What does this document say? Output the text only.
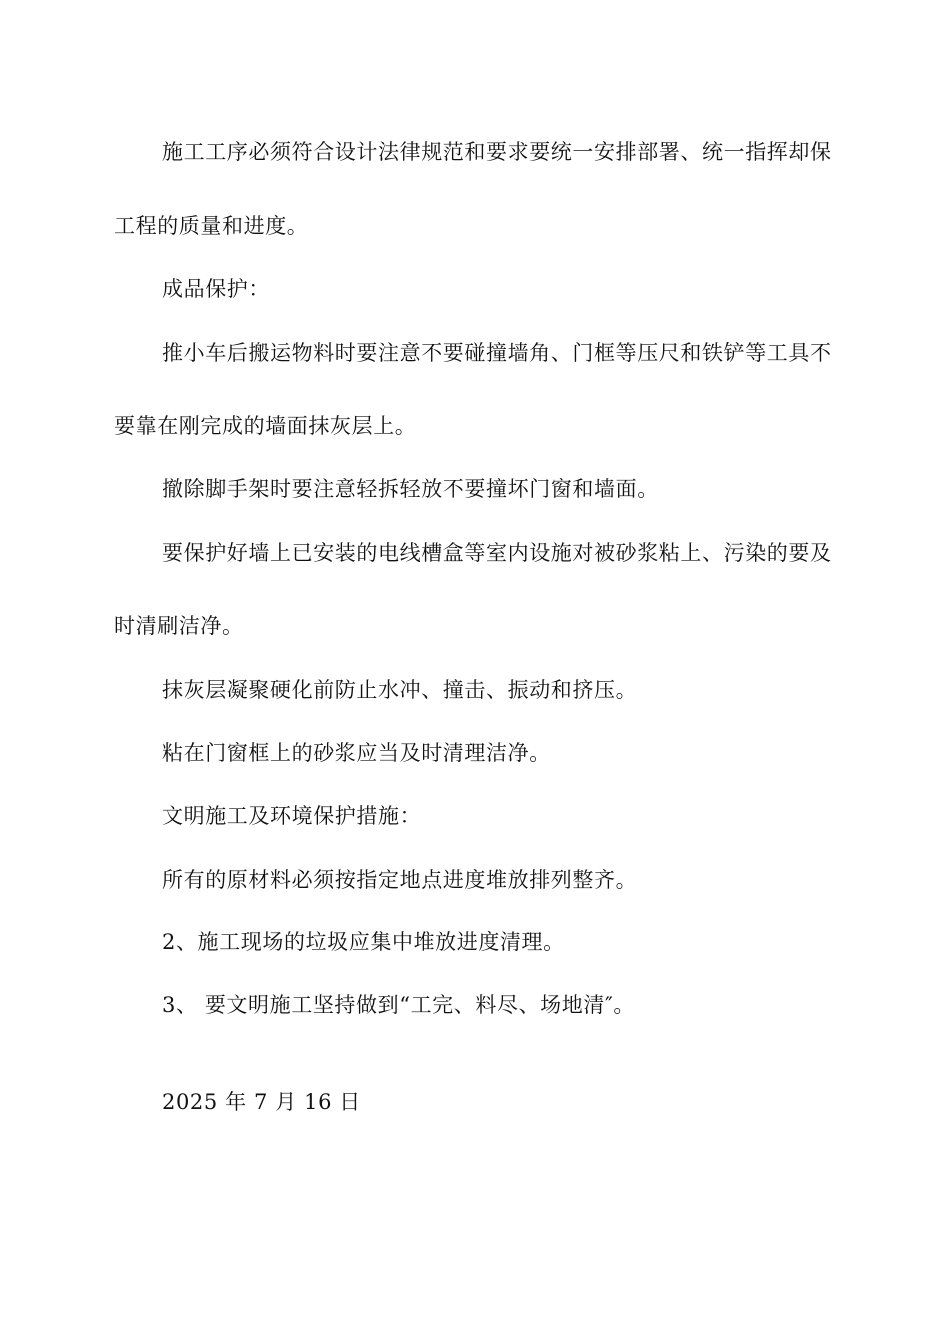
施工工序必须符合设计法律规范和要求要统一安排部署、统一指挥却保
工程的质量和进度。
成品保护：
推小车后搬运物料时要注意不要碰撞墙角、门框等压尺和铁铲等工具不
要靠在刚完成的墙面抹灰层上。
撤除脚手架时要注意轻拆轻放不要撞坏门窗和墙面。
要保护好墙上已安装的电线槽盒等室内设施对被砂浆粘上、污染的要及
时清刷洁净。
抹灰层凝聚硬化前防止水冲、撞击、振动和挤压。
粘在门窗框上的砂浆应当及时清理洁净。
文明施工及环境保护措施：
所有的原材料必须按指定地点进度堆放排列整齐。
2、施工现场的垃圾应集中堆放进度清理。
3、 要文明施工坚持做到“工完、料尽、场地清″。
2025 年 7 月 16 日
